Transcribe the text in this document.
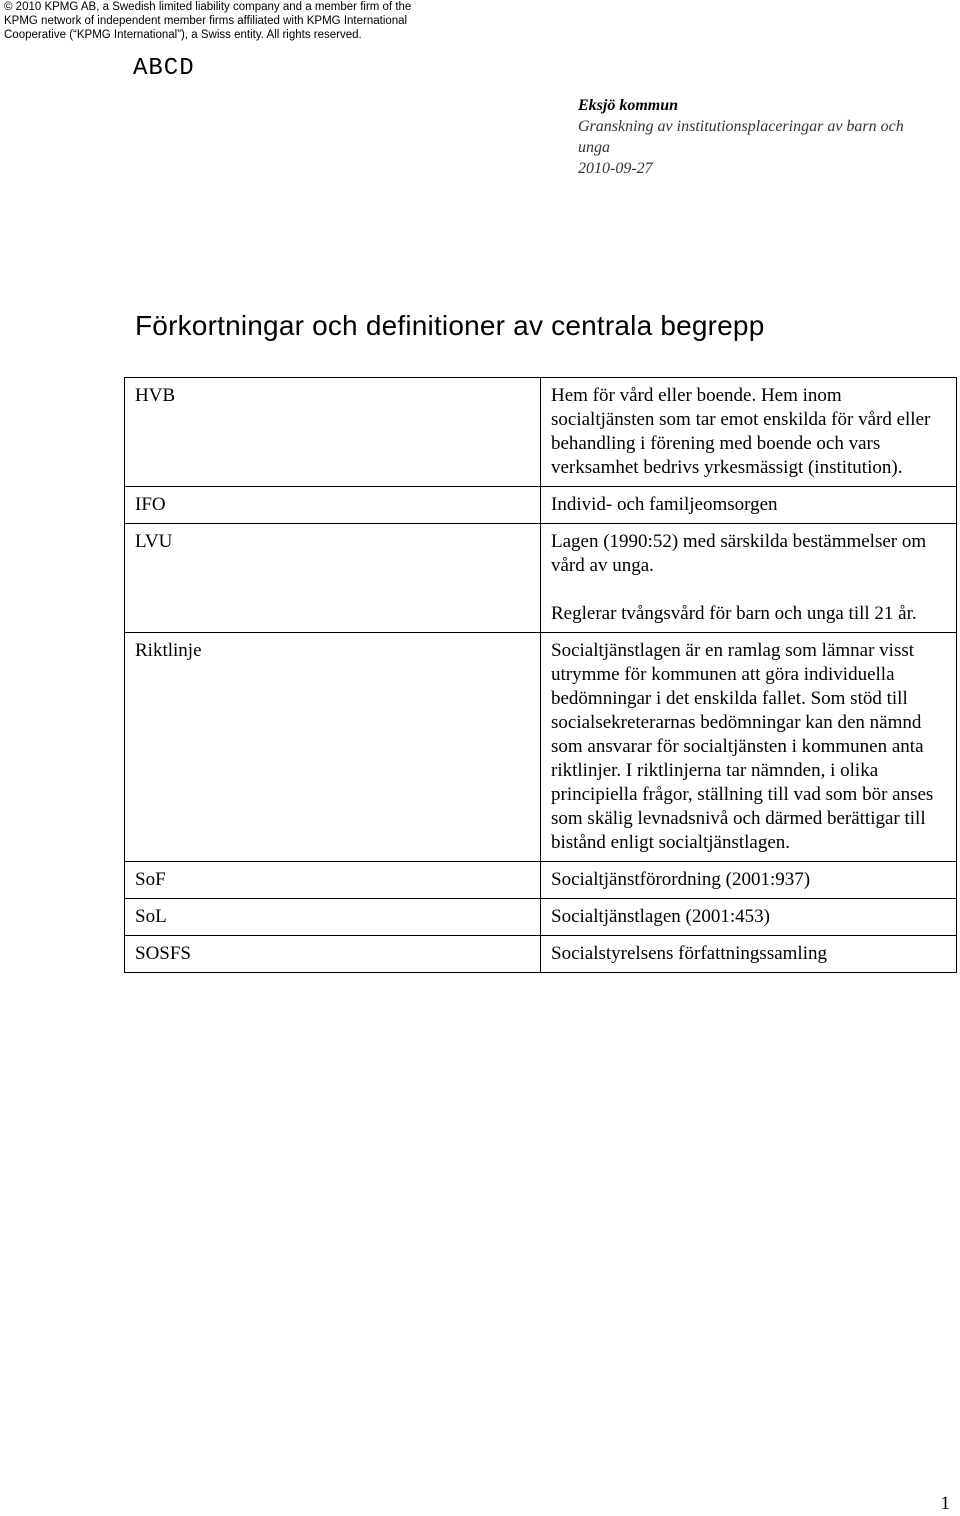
© 2010 KPMG AB, a Swedish limited liability company and a member firm of the KPMG network of independent member firms affiliated with KPMG International Cooperative (“KPMG International”), a Swiss entity. All rights reserved.
ABCD
Eksjö kommun
Granskning av institutionsplaceringar av barn och unga
2010-09-27
Förkortningar och definitioner av centrala begrepp
HVB	Hem för vård eller boende. Hem inom socialtjänsten som tar emot enskilda för vård eller behandling i förening med boende och vars verksamhet bedrivs yrkesmässigt (institution).

IFO	Individ- och familjeomsorgen

LVU	Lagen (1990:52) med särskilda bestämmelser om vård av unga.

Reglerar tvångsvård för barn och unga till 21 år.

Riktlinje	Socialtjänstlagen är en ramlag som lämnar visst utrymme för kommunen att göra individuella bedömningar i det enskilda fallet. Som stöd till socialsekreterarnas bedömningar kan den nämnd som ansvarar för socialtjänsten i kommunen anta riktlinjer. I riktlinjerna tar nämnden, i olika principiella frågor, ställning till vad som bör anses som skälig levnadsnivå och därmed berättigar till bistånd enligt socialtjänstlagen.

SoF	Socialtjänstförordning (2001:937)

SoL	Socialtjänstlagen (2001:453)

SOSFS	Socialstyrelsens författningssamling

1
